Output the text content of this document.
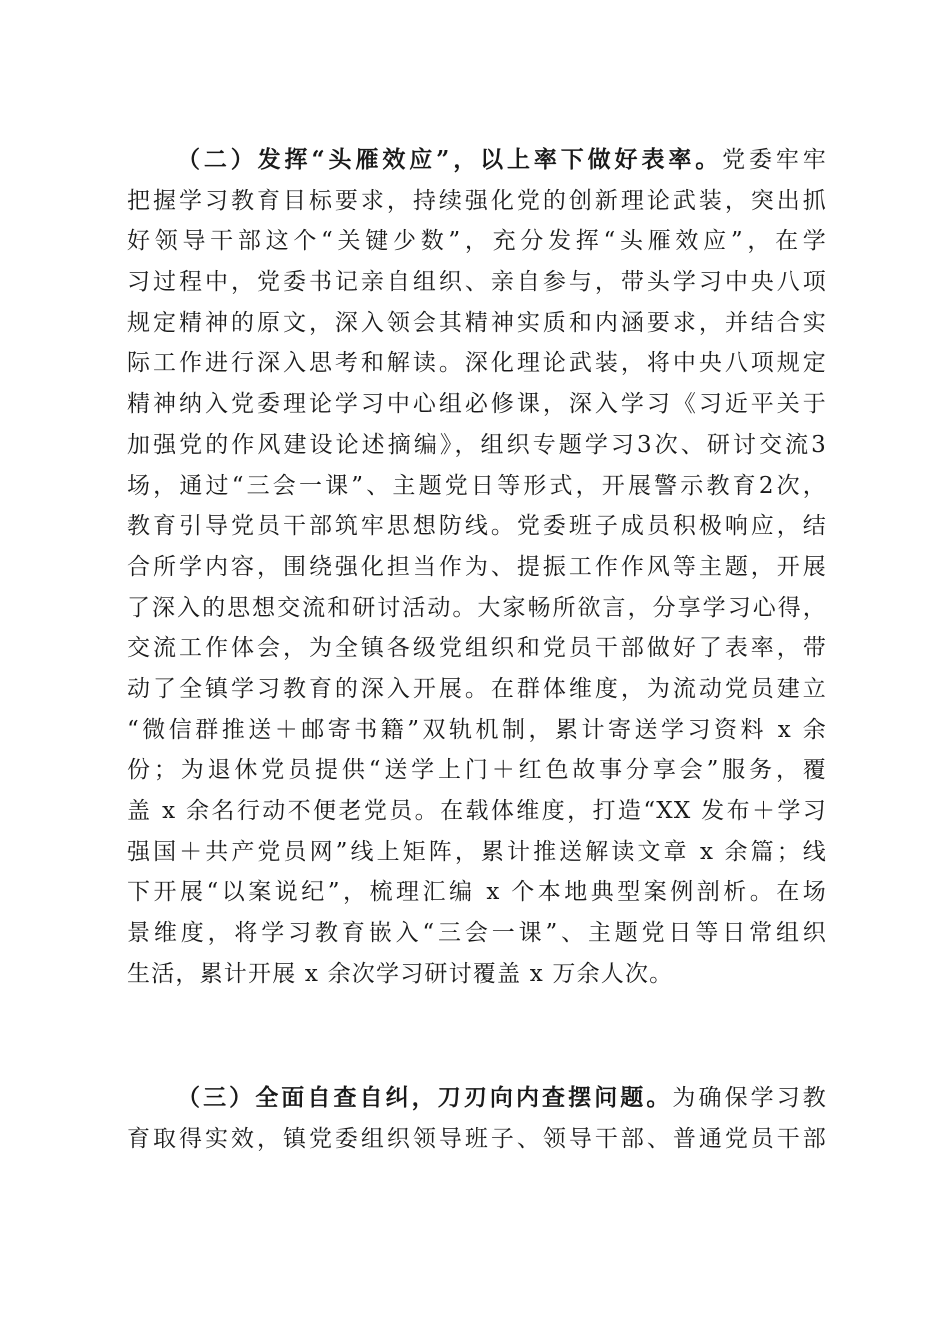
（二）发挥“头雁效应”，以上率下做好表率。党委牢牢
把握学习教育目标要求，持续强化党的创新理论武装，突出抓
好领导干部这个“关键少数”，充分发挥“头雁效应”，在学
习过程中，党委书记亲自组织、亲自参与，带头学习中央八项
规定精神的原文，深入领会其精神实质和内涵要求，并结合实
际工作进行深入思考和解读。深化理论武装，将中央八项规定
精神纳入党委理论学习中心组必修课，深入学习《习近平关于
加强党的作风建设论述摘编》，组织专题学习3次、研讨交流3
场，通过“三会一课”、主题党日等形式，开展警示教育2次，
教育引导党员干部筑牢思想防线。党委班子成员积极响应，结
合所学内容，围绕强化担当作为、提振工作作风等主题，开展
了深入的思想交流和研讨活动。大家畅所欲言，分享学习心得，
交流工作体会，为全镇各级党组织和党员干部做好了表率，带
动了全镇学习教育的深入开展。在群体维度，为流动党员建立
“微信群推送＋邮寄书籍”双轨机制，累计寄送学习资料 x 余
份；为退休党员提供“送学上门＋红色故事分享会”服务，覆
盖 x 余名行动不便老党员。在载体维度，打造“XX 发布＋学习
强国＋共产党员网”线上矩阵，累计推送解读文章 x 余篇；线
下开展“以案说纪”，梳理汇编 x 个本地典型案例剖析。在场
景维度，将学习教育嵌入“三会一课”、主题党日等日常组织
生活，累计开展 x 余次学习研讨覆盖 x 万余人次。
（三）全面自查自纠，刀刃向内查摆问题。为确保学习教
育取得实效，镇党委组织领导班子、领导干部、普通党员干部
